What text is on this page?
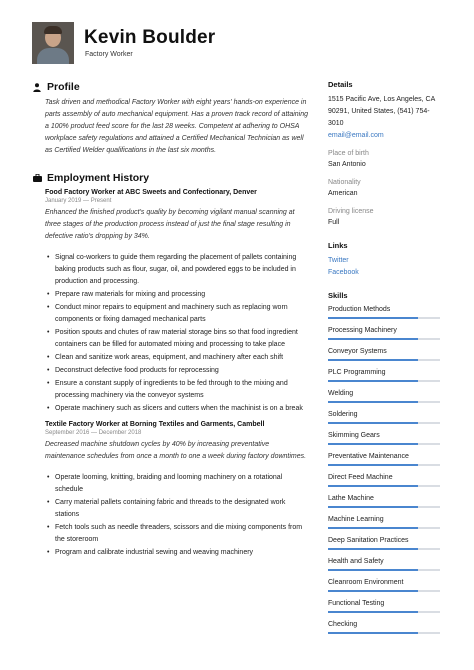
Kevin Boulder
Factory Worker
Profile

Task driven and methodical Factory Worker with eight years' hands-on experience in parts assembly of auto mechanical equipment. Has a proven track record of attaining a 100% product feed score for the last 28 weeks. Competent at adhering to OHSA workplace safety regulations and attained a Certified Mechanical Technician as well as Certified Welder qualifications in the last six months.

Employment History
Food Factory Worker at ABC Sweets and Confectionary, Denver
January 2019 — Present

Enhanced the finished product's quality by becoming vigilant manual scanning at three stages of the production process instead of just the final stage resulting in defective ratio's dropping by 34%.

• Signal co-workers to guide them regarding the placement of pallets containing baking products such as flour, sugar, oil, and powdered eggs to be included in production and processing.
• Prepare raw materials for mixing and processing
• Conduct minor repairs to equipment and machinery such as replacing worn components or fixing damaged mechanical parts
• Position spouts and chutes of raw material storage bins so that food ingredient containers can be filled for automated mixing and processing to take place
• Clean and sanitize work areas, equipment, and machinery after each shift
• Deconstruct defective food products for reprocessing
• Ensure a constant supply of ingredients to be fed through to the mixing and processing machinery via the conveyor systems
• Operate machinery such as slicers and cutters when the machinist is on a break
Textile Factory Worker at Borning Textiles and Garments, Cambell
September 2016 — December 2018

Decreased machine shutdown cycles by 40% by increasing preventative maintenance schedules from once a month to one a week during factory downtimes.

• Operate looming, knitting, braiding and looming machinery on a rotational schedule
• Carry material pallets containing fabric and threads to the designated work stations
• Fetch tools such as needle threaders, scissors and die mixing components from the storeroom
• Program and calibrate industrial sewing and weaving machinery
Details
1515 Pacific Ave, Los Angeles, CA 90291, United States, (541) 754-3010
email@email.com
Place of birth
San Antonio
Nationality
American
Driving license
Full
Links
Twitter
Facebook
Skills
Production Methods
Processing Machinery
Conveyor Systems
PLC Programming
Welding
Soldering
Skimming Gears
Preventative Maintenance
Direct Feed Machine
Lathe Machine
Machine Learning
Deep Sanitation Practices
Health and Safety
Cleanroom Environment
Functional Testing
Checking
